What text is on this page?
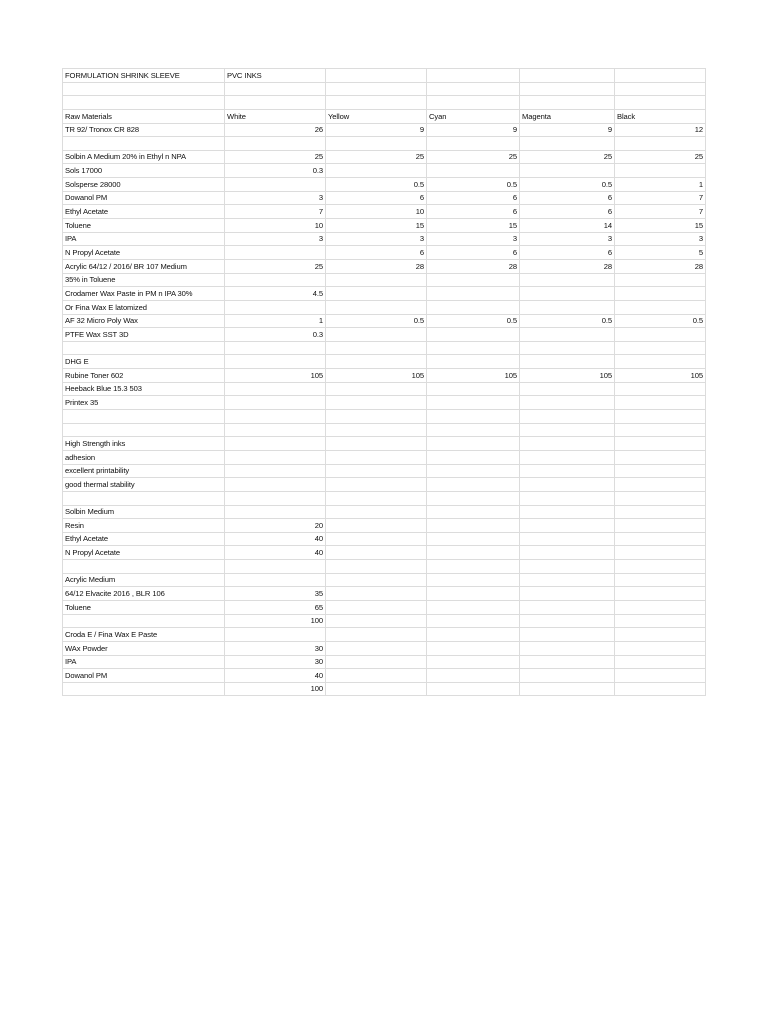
FORMULATION SHRINK SLEEVE	PVC INKS				

Raw Materials	White	Yellow	Cyan	Magenta	Black
TR 92/ Tronox CR 828	26	9	9	9	12

Solbin A Medium 20% in Ethyl n NPA	25	25	25	25	25
Sols 17000	0.3				
Solsperse 28000		0.5	0.5	0.5	1
Dowanol PM	3	6	6	6	7
Ethyl Acetate	7	10	6	6	7
Toluene	10	15	15	14	15
IPA	3	3	3	3	3
N Propyl Acetate		6	6	6	5
Acrylic 64/12 / 2016/ BR 107 Medium	25	28	28	28	28
35% in Toluene					
Crodamer Wax Paste in PM n IPA 30%	4.5				
Or Fina Wax E latomized					
AF 32 Micro Poly Wax	1	0.5	0.5	0.5	0.5
PTFE Wax SST 3D	0.3				

DHG E					
Rubine Toner 602	105	105	105	105	105
Heeback Blue 15.3 503					
Printex 35					

High Strength inks					
adhesion					
excellent printability					
good thermal stability					

Solbin Medium					
Resin	20				
Ethyl Acetate	40				
N Propyl Acetate	40				

Acrylic Medium					
64/12 Elvacite 2016 , BLR 106	35				
Toluene	65				
	100				
Croda E / Fina Wax E Paste					
WAx Powder	30				
IPA	30				
Dowanol PM	40				
	100				
